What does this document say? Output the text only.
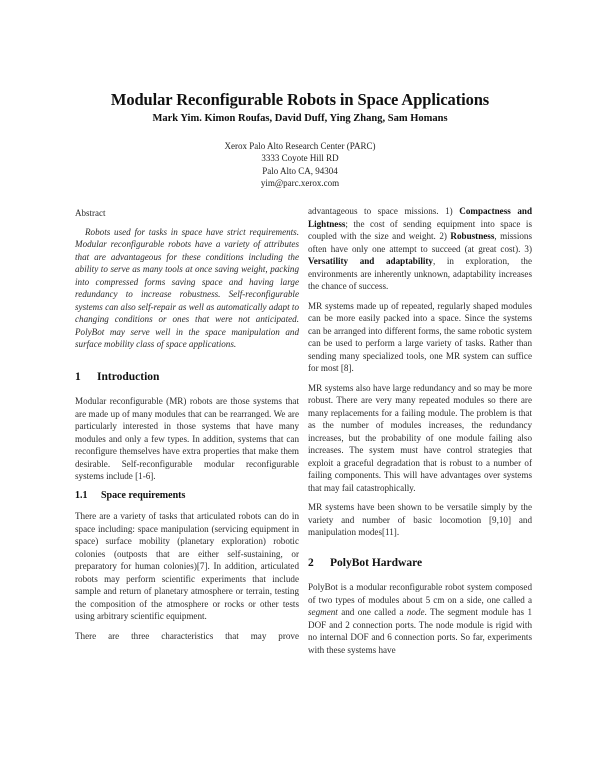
Modular Reconfigurable Robots in Space Applications
Mark Yim. Kimon Roufas, David Duff, Ying Zhang, Sam Homans
Xerox Palo Alto Research Center (PARC)
3333 Coyote Hill RD
Palo Alto CA, 94304
yim@parc.xerox.com
Abstract

Robots used for tasks in space have strict requirements. Modular reconfigurable robots have a variety of attributes that are advantageous for these conditions including the ability to serve as many tools at once saving weight, packing into compressed forms saving space and having large redundancy to increase robustness. Self-reconfigurable systems can also self-repair as well as automatically adapt to changing conditions or ones that were not anticipated. PolyBot may serve well in the space manipulation and surface mobility class of space applications.

1	Introduction

Modular reconfigurable (MR) robots are those systems that are made up of many modules that can be rearranged. We are particularly interested in those systems that have many modules and only a few types. In addition, systems that can reconfigure themselves have extra properties that make them desirable. Self-reconfigurable modular reconfigurable systems include [1-6].

1.1	Space requirements

There are a variety of tasks that articulated robots can do in space including: space manipulation (servicing equipment in space) surface mobility (planetary exploration) robotic colonies (outposts that are either self-sustaining, or preparatory for human colonies)[7]. In addition, articulated robots may perform scientific experiments that include sample and return of planetary atmosphere or terrain, testing the composition of the atmosphere or rocks or other tests using arbitrary scientific equipment.

There are three characteristics that may prove

advantageous to space missions. 1) Compactness and Lightness; the cost of sending equipment into space is coupled with the size and weight. 2) Robustness, missions often have only one attempt to succeed (at great cost). 3) Versatility and adaptability, in exploration, the environments are inherently unknown, adaptability increases the chance of success.

MR systems made up of repeated, regularly shaped modules can be more easily packed into a space. Since the systems can be arranged into different forms, the same robotic system can be used to perform a large variety of tasks. Rather than sending many specialized tools, one MR system can suffice for most [8].

MR systems also have large redundancy and so may be more robust. There are very many repeated modules so there are many replacements for a failing module. The problem is that as the number of modules increases, the redundancy increases, but the probability of one module failing also increases. The system must have control strategies that exploit a graceful degradation that is robust to a number of failing components. This will have advantages over systems that may fail catastrophically.

MR systems have been shown to be versatile simply by the variety and number of basic locomotion [9,10] and manipulation modes[11].

2	PolyBot Hardware

PolyBot is a modular reconfigurable robot system composed of two types of modules about 5 cm on a side, one called a segment and one called a node. The segment module has 1 DOF and 2 connection ports. The node module is rigid with no internal DOF and 6 connection ports. So far, experiments with these systems have
